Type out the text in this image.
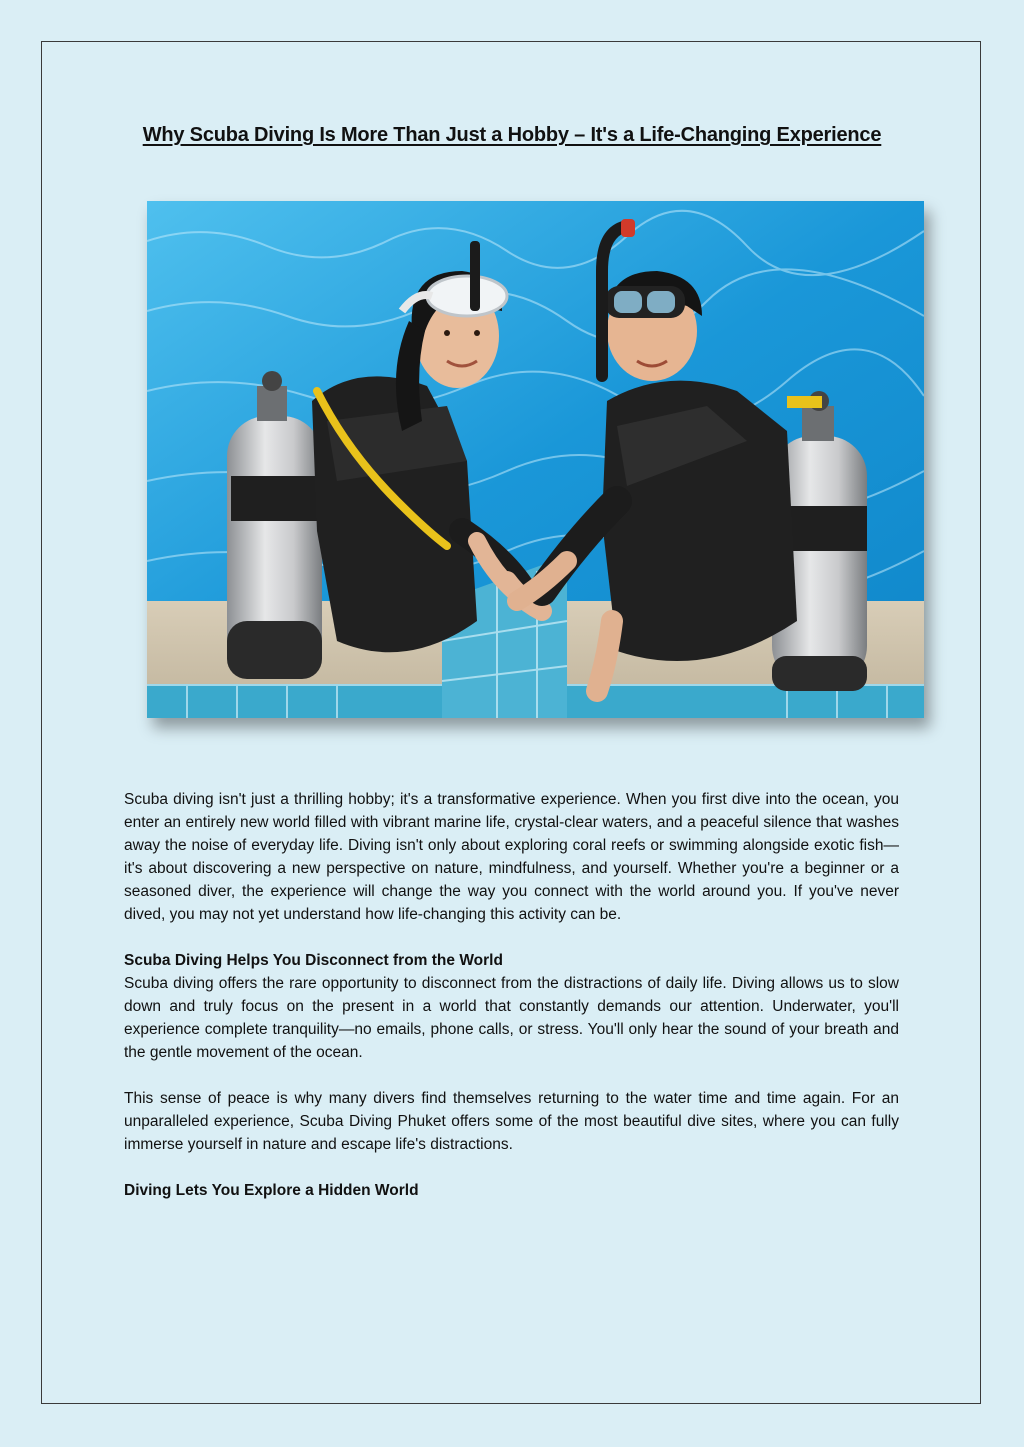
Why Scuba Diving Is More Than Just a Hobby – It's a Life-Changing Experience

Scuba diving isn't just a thrilling hobby; it's a transformative experience. When you first dive into the ocean, you enter an entirely new world filled with vibrant marine life, crystal-clear waters, and a peaceful silence that washes away the noise of everyday life. Diving isn't only about exploring coral reefs or swimming alongside exotic fish—it's about discovering a new perspective on nature, mindfulness, and yourself. Whether you're a beginner or a seasoned diver, the experience will change the way you connect with the world around you. If you've never dived, you may not yet understand how life-changing this activity can be.

Scuba Diving Helps You Disconnect from the World

Scuba diving offers the rare opportunity to disconnect from the distractions of daily life. Diving allows us to slow down and truly focus on the present in a world that constantly demands our attention. Underwater, you'll experience complete tranquility—no emails, phone calls, or stress. You'll only hear the sound of your breath and the gentle movement of the ocean.

This sense of peace is why many divers find themselves returning to the water time and time again. For an unparalleled experience, Scuba Diving Phuket offers some of the most beautiful dive sites, where you can fully immerse yourself in nature and escape life's distractions.

Diving Lets You Explore a Hidden World
